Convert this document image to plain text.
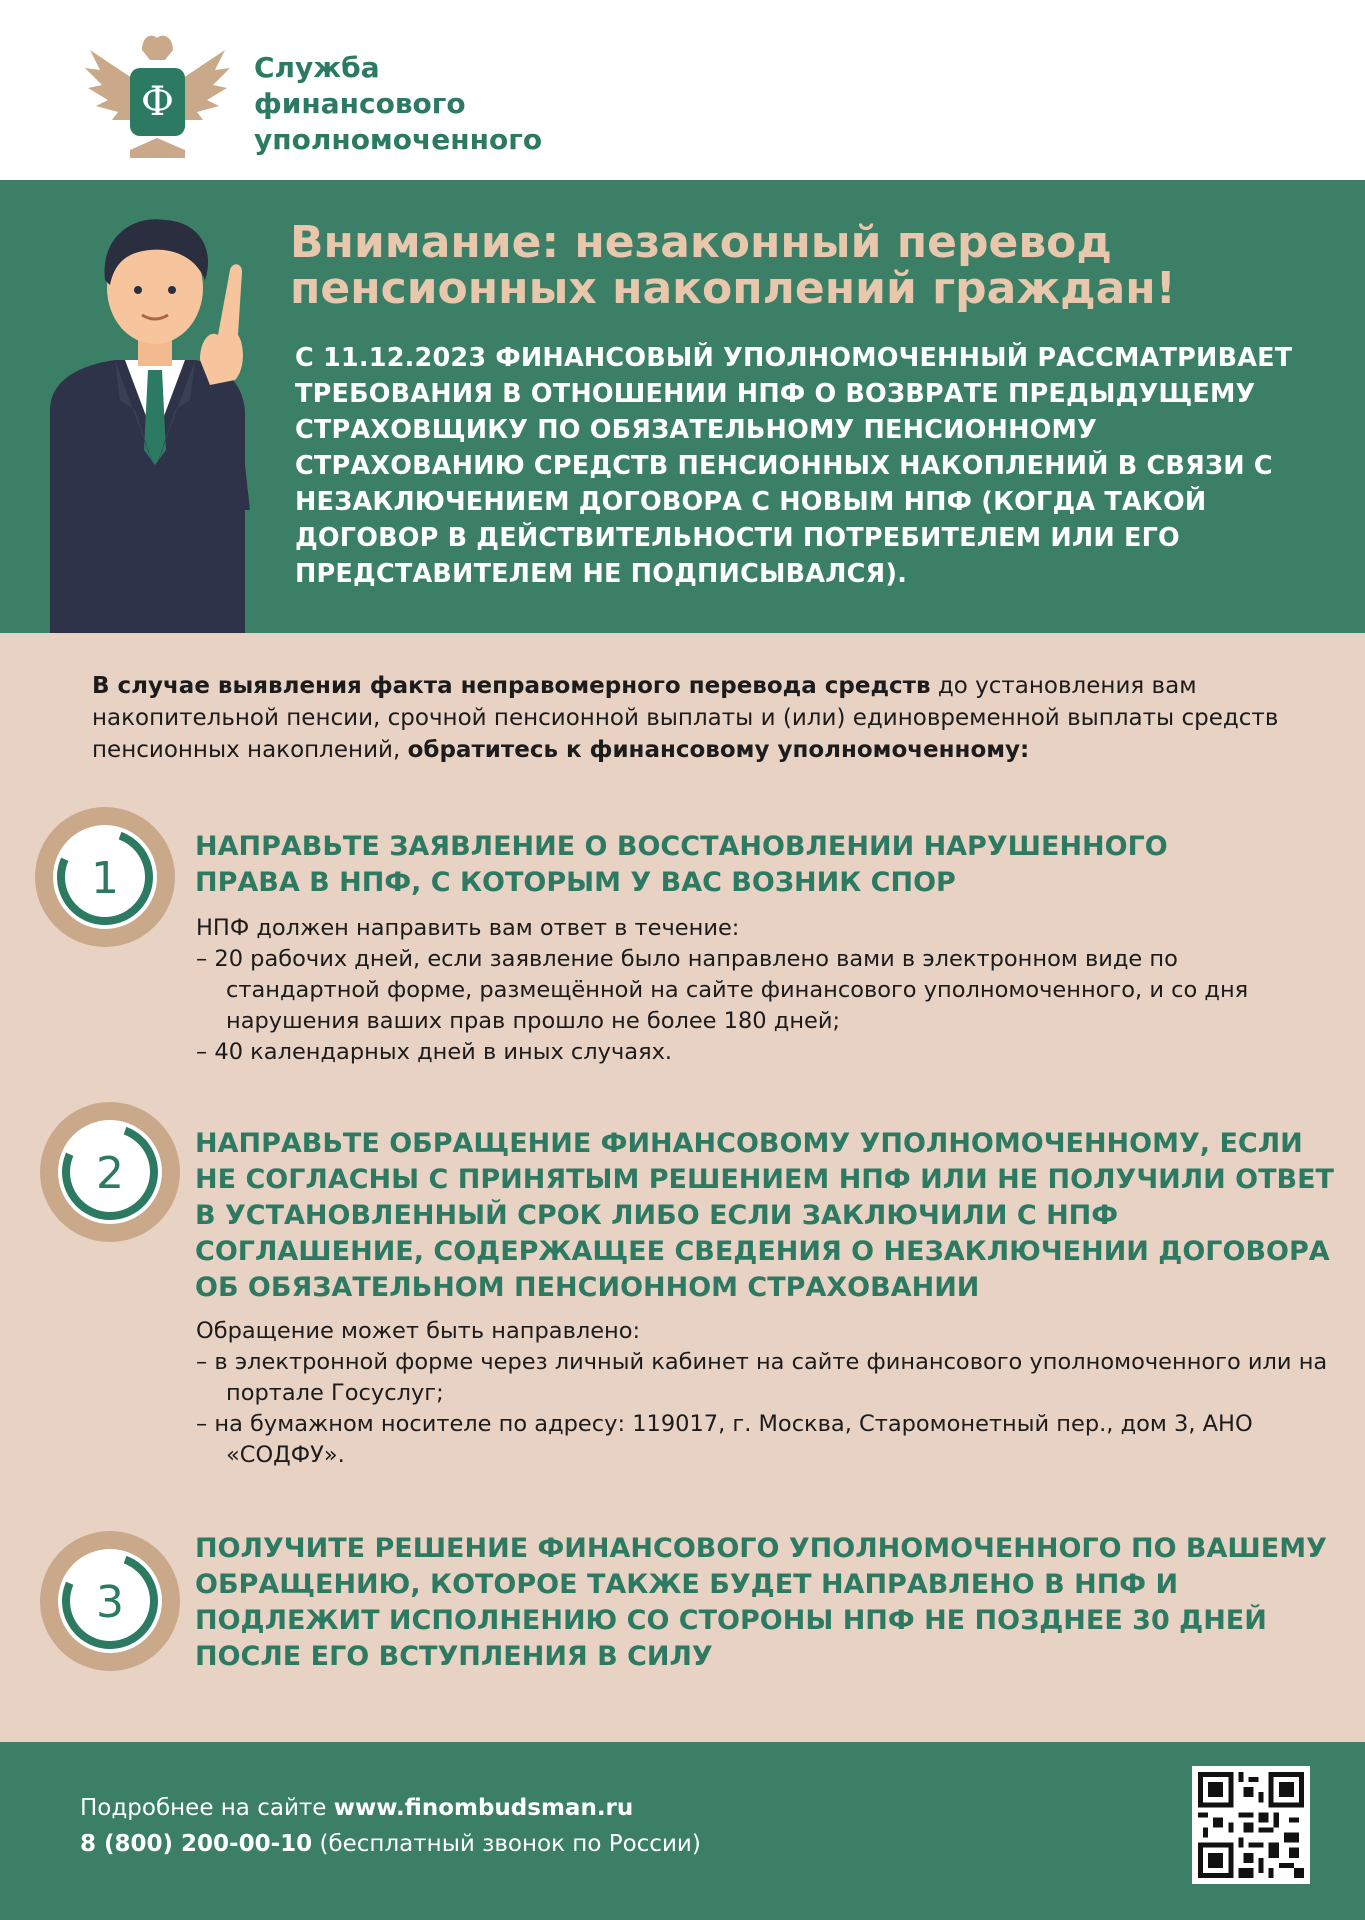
Ф
Служба
финансового
уполномоченного
Внимание: незаконный перевод
пенсионных накоплений граждан!
С 11.12.2023 ФИНАНСОВЫЙ УПОЛНОМОЧЕННЫЙ РАССМАТРИВАЕТ ТРЕБОВАНИЯ В ОТНОШЕНИИ НПФ О ВОЗВРАТЕ ПРЕДЫДУЩЕМУ СТРАХОВЩИКУ ПО ОБЯЗАТЕЛЬНОМУ ПЕНСИОННОМУ СТРАХОВАНИЮ СРЕДСТВ ПЕНСИОННЫХ НАКОПЛЕНИЙ В СВЯЗИ С НЕЗАКЛЮЧЕНИЕМ ДОГОВОРА С НОВЫМ НПФ (КОГДА ТАКОЙ ДОГОВОР В ДЕЙСТВИТЕЛЬНОСТИ ПОТРЕБИТЕЛЕМ ИЛИ ЕГО ПРЕДСТАВИТЕЛЕМ НЕ ПОДПИСЫВАЛСЯ).
В случае выявления факта неправомерного перевода средств до установления вам накопительной пенсии, срочной пенсионной выплаты и (или) единовременной выплаты средств пенсионных накоплений, обратитесь к финансовому уполномоченному:
1
НАПРАВЬТЕ ЗАЯВЛЕНИЕ О ВОССТАНОВЛЕНИИ НАРУШЕННОГО ПРАВА В НПФ, С КОТОРЫМ У ВАС ВОЗНИК СПОР
НПФ должен направить вам ответ в течение:
– 20 рабочих дней, если заявление было направлено вами в электронном виде по стандартной форме, размещённой на сайте финансового уполномоченного, и со дня нарушения ваших прав прошло не более 180 дней;
– 40 календарных дней в иных случаях.
2
НАПРАВЬТЕ ОБРАЩЕНИЕ ФИНАНСОВОМУ УПОЛНОМОЧЕННОМУ, ЕСЛИ НЕ СОГЛАСНЫ С ПРИНЯТЫМ РЕШЕНИЕМ НПФ ИЛИ НЕ ПОЛУЧИЛИ ОТВЕТ В УСТАНОВЛЕННЫЙ СРОК ЛИБО ЕСЛИ ЗАКЛЮЧИЛИ С НПФ СОГЛАШЕНИЕ, СОДЕРЖАЩЕЕ СВЕДЕНИЯ О НЕЗАКЛЮЧЕНИИ ДОГОВОРА ОБ ОБЯЗАТЕЛЬНОМ ПЕНСИОННОМ СТРАХОВАНИИ
Обращение может быть направлено:
– в электронной форме через личный кабинет на сайте финансового уполномоченного или на портале Госуслуг;
– на бумажном носителе по адресу: 119017, г. Москва, Старомонетный пер., дом 3, АНО «СОДФУ».
3
ПОЛУЧИТЕ РЕШЕНИЕ ФИНАНСОВОГО УПОЛНОМОЧЕННОГО ПО ВАШЕМУ ОБРАЩЕНИЮ, КОТОРОЕ ТАКЖЕ БУДЕТ НАПРАВЛЕНО В НПФ И ПОДЛЕЖИТ ИСПОЛНЕНИЮ СО СТОРОНЫ НПФ НЕ ПОЗДНЕЕ 30 ДНЕЙ ПОСЛЕ ЕГО ВСТУПЛЕНИЯ В СИЛУ
Подробнее на сайте www.finombudsman.ru
8 (800) 200-00-10 (бесплатный звонок по России)
